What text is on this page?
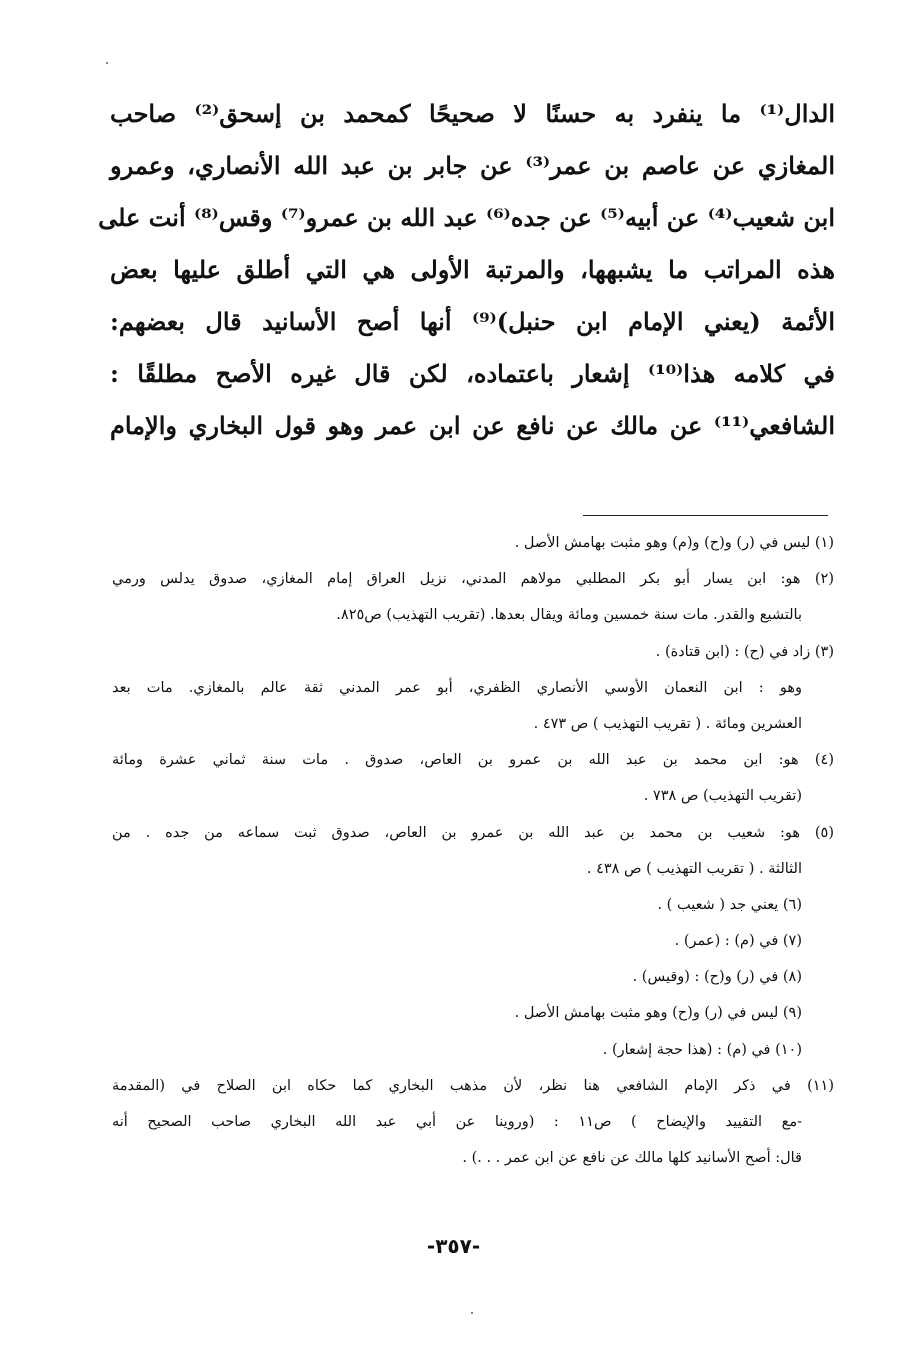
الدال⁽¹⁾ ما ينفرد به حسنًا لا صحيحًا كمحمد بن إسحق⁽²⁾ صاحب
المغازي عن عاصم بن عمر⁽³⁾ عن جابر بن عبد الله الأنصاري، وعمرو
ابن شعيب⁽⁴⁾ عن أبيه⁽⁵⁾ عن جده⁽⁶⁾ عبد الله بن عمرو⁽⁷⁾ وقس⁽⁸⁾ أنت على
هذه المراتب ما يشبهها، والمرتبة الأولى هي التي أطلق عليها بعض
الأئمة (يعني الإمام ابن حنبل)⁽⁹⁾ أنها أصح الأسانيد قال بعضهم:
في كلامه هذا⁽¹⁰⁾ إشعار باعتماده، لكن قال غيره الأصح مطلقًا :
الشافعي⁽¹¹⁾ عن مالك عن نافع عن ابن عمر وهو قول البخاري والإمام
(١) ليس في (ر) و(ح) و(م) وهو مثبت بهامش الأصل .
(٢) هو: ابن يسار أبو بكر المطلبي مولاهم المدني، نزيل العراق إمام المغازي، صدوق يدلس ورمي
بالتشيع والقدر. مات سنة خمسين ومائة ويقال بعدها. (تقريب التهذيب) ص٨٢٥.
(٣) زاد في (ح) : (ابن قتادة) .
وهو : ابن النعمان الأوسي الأنصاري الظفري، أبو عمر المدني ثقة عالم بالمغازي. مات بعد
العشرين ومائة . ( تقريب التهذيب ) ص ٤٧٣ .
(٤) هو: ابن محمد بن عبد الله بن عمرو بن العاص، صدوق . مات سنة ثماني عشرة ومائة
(تقريب التهذيب) ص ٧٣٨ .
(٥) هو: شعيب بن محمد بن عبد الله بن عمرو بن العاص، صدوق ثبت سماعه من جده . من
الثالثة . ( تقريب التهذيب ) ص ٤٣٨ .
(٦) يعني جد ( شعيب ) .
(٧) في (م) : (عمر) .
(٨) في (ر) و(ح) : (وقيس) .
(٩) ليس في (ر) و(ح) وهو مثبت بهامش الأصل .
(١٠) في (م) : (هذا حجة إشعار) .
(١١) في ذكر الإمام الشافعي هنا نظر، لأن مذهب البخاري كما حكاه ابن الصلاح في (المقدمة
-مع التقييد والإيضاح ) ص١١ : (وروينا عن أبي عبد الله البخاري صاحب الصحيح أنه
قال: أصح الأسانيد كلها مالك عن نافع عن ابن عمر . . .) .
-٣٥٧-
